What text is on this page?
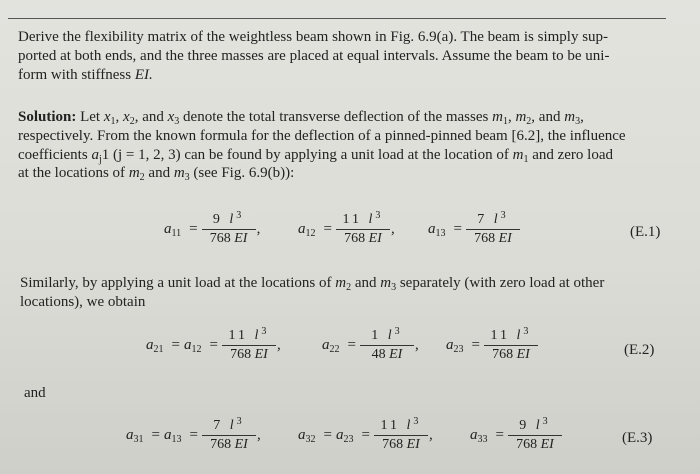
Derive the flexibility matrix of the weightless beam shown in Fig. 6.9(a). The beam is simply sup-
ported at both ends, and the three masses are placed at equal intervals. Assume the beam to be uni-
form with stiffness EI.
Solution: Let $x_1$, $x_2$, and $x_3$ denote the total transverse deflection of the masses $m_1$, $m_2$, and $m_3$,
respectively. From the known formula for the deflection of a pinned-pinned beam [6.2], the influence
coefficients $a_j1$ (j = 1, 2, 3) can be found by applying a unit load at the location of $m_1$ and zero load
at the locations of $m_2$ and $m_3$ (see Fig. 6.9(b)):
$a_{11} = \frac{9 l^3}{768 EI}$ ,	$a_{12} = \frac{11 l^3}{768 EI}$ , $a_{13} = \frac{7 l^3}{768 EI}$	(E.1)
Similarly, by applying a unit load at the locations of $m_2$ and $m_3$ separately (with zero load at other
locations), we obtain
$a_{21} = a_{12} = \frac{11 l^3}{768 EI}$ ,	$a_{22} = \frac{1 l^3}{48 EI}$ , $a_{23} = \frac{11 l^3}{768 EI}$	(E.2)
and
$a_{31} = a_{13} = \frac{7 l^3}{768 EI}$ , $a_{32} = a_{23} = \frac{11 l^3}{768 EI}$ , $a_{33} = \frac{9 l^3}{768 EI}$	(E.3)
